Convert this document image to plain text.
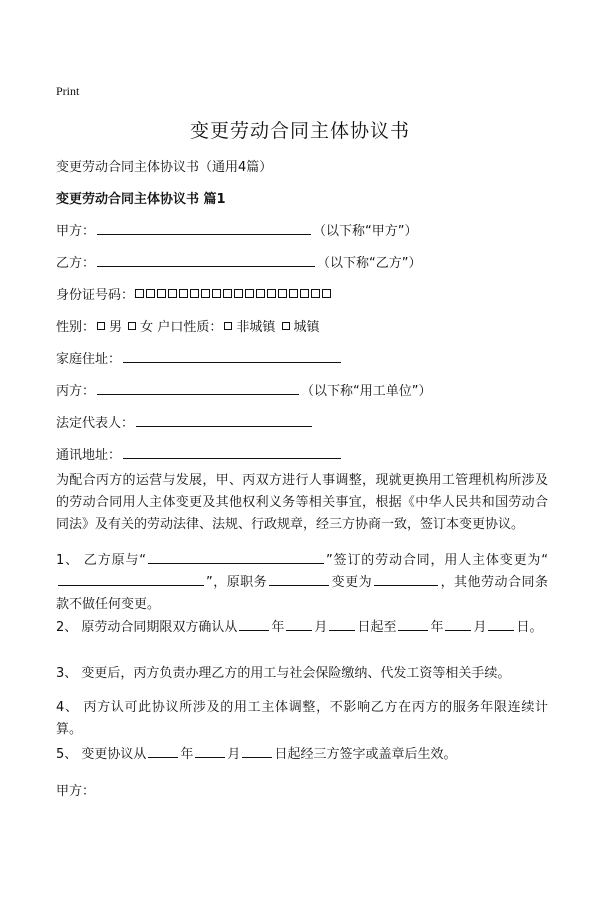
Print
变更劳动合同主体协议书
变更劳动合同主体协议书（通用4篇）
变更劳动合同主体协议书 篇1
甲方：	（以下称“甲方”）
乙方：	（以下称“乙方”）
身份证号码：
性别： 男 女 户口性质： 非城镇 城镇
家庭住址：
丙方：	（以下称“用工单位”）
法定代表人：
通讯地址：
为配合丙方的运营与发展，甲、丙双方进行人事调整，现就更换用工管理机构所涉及的劳动合同用人主体变更及其他权利义务等相关事宜，根据《中华人民共和国劳动合同法》及有关的劳动法律、法规、行政规章，经三方协商一致，签订本变更协议。
1、 乙方原与“	”签订的劳动合同，用人主体变更为“”，原职务	变更为	，其他劳动合同条款不做任何变更。
2、 原劳动合同期限双方确认从	年 月 日起至	年 月 日。
3、 变更后，丙方负责办理乙方的用工与社会保险缴纳、代发工资等相关手续。
4、 丙方认可此协议所涉及的用工主体调整，不影响乙方在丙方的服务年限连续计算。
5、 变更协议从	年	月	日起经三方签字或盖章后生效。
甲方：
